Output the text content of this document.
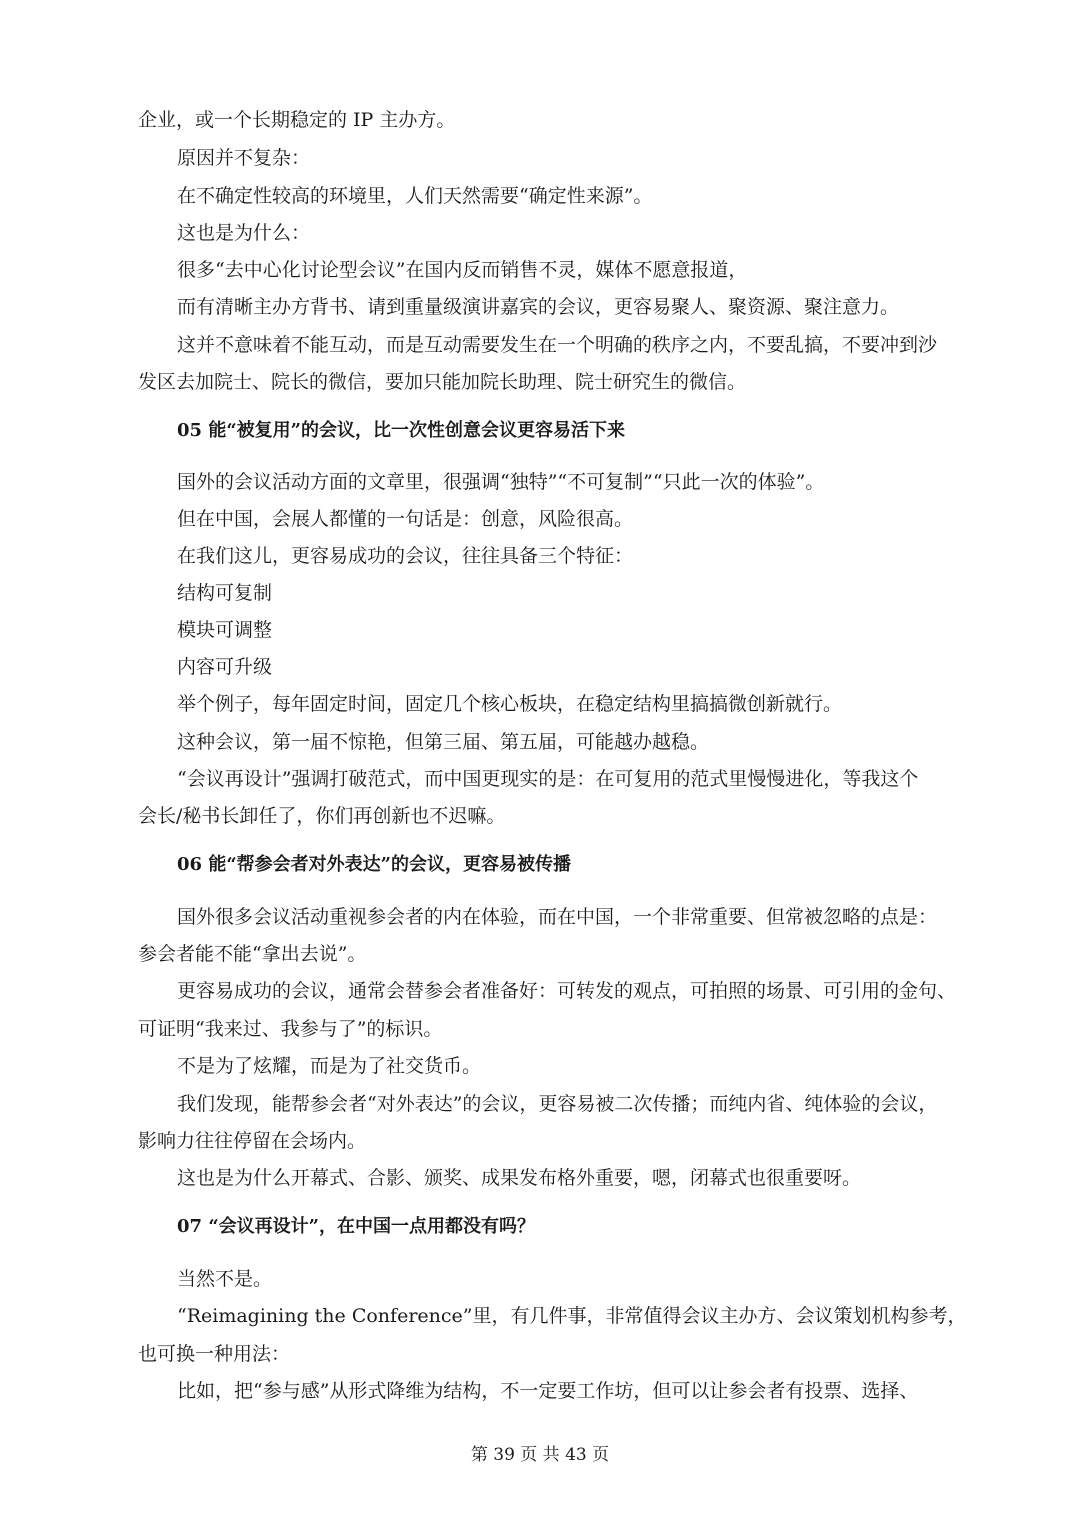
企业，或一个长期稳定的 IP 主办方。
原因并不复杂：
在不确定性较高的环境里，人们天然需要“确定性来源”。
这也是为什么：
很多“去中心化讨论型会议”在国内反而销售不灵，媒体不愿意报道，
而有清晰主办方背书、请到重量级演讲嘉宾的会议，更容易聚人、聚资源、聚注意力。
这并不意味着不能互动，而是互动需要发生在一个明确的秩序之内，不要乱搞，不要冲到沙
发区去加院士、院长的微信，要加只能加院长助理、院士研究生的微信。
05 能“被复用”的会议，比一次性创意会议更容易活下来
国外的会议活动方面的文章里，很强调“独特”“不可复制”“只此一次的体验”。
但在中国，会展人都懂的一句话是：创意，风险很高。
在我们这儿，更容易成功的会议，往往具备三个特征：
结构可复制
模块可调整
内容可升级
举个例子，每年固定时间，固定几个核心板块，在稳定结构里搞搞微创新就行。
这种会议，第一届不惊艳，但第三届、第五届，可能越办越稳。
“会议再设计”强调打破范式，而中国更现实的是：在可复用的范式里慢慢进化，等我这个
会长/秘书长卸任了，你们再创新也不迟嘛。
06 能“帮参会者对外表达”的会议，更容易被传播
国外很多会议活动重视参会者的内在体验，而在中国，一个非常重要、但常被忽略的点是：
参会者能不能“拿出去说”。
更容易成功的会议，通常会替参会者准备好：可转发的观点，可拍照的场景、可引用的金句、
可证明“我来过、我参与了”的标识。
不是为了炫耀，而是为了社交货币。
我们发现，能帮参会者“对外表达”的会议，更容易被二次传播；而纯内省、纯体验的会议，
影响力往往停留在会场内。
这也是为什么开幕式、合影、颁奖、成果发布格外重要，嗯，闭幕式也很重要呀。
07 “会议再设计”，在中国一点用都没有吗？
当然不是。
“Reimagining the Conference”里，有几件事，非常值得会议主办方、会议策划机构参考，
也可换一种用法：
比如，把“参与感”从形式降维为结构，不一定要工作坊，但可以让参会者有投票、选择、
第 39 页 共 43 页
